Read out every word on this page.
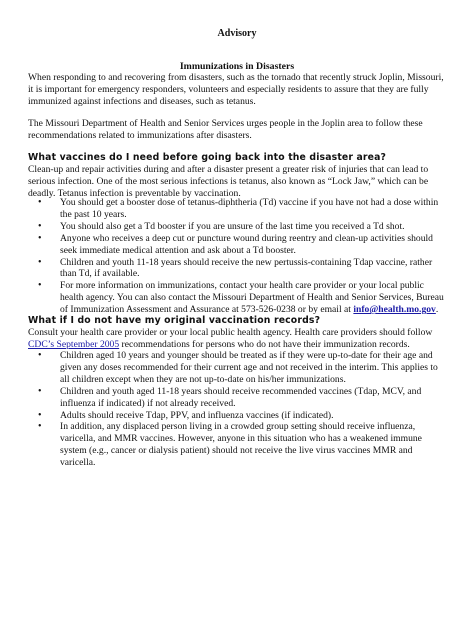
Advisory
Immunizations in Disasters

When responding to and recovering from disasters, such as the tornado that recently struck Joplin, Missouri, it is important for emergency responders, volunteers and especially residents to assure that they are fully immunized against infections and diseases, such as tetanus.

The Missouri Department of Health and Senior Services urges people in the Joplin area to follow these recommendations related to immunizations after disasters.

What vaccines do I need before going back into the disaster area?

Clean-up and repair activities during and after a disaster present a greater risk of injuries that can lead to serious infection. One of the most serious infections is tetanus, also known as “Lock Jaw,” which can be deadly. Tetanus infection is preventable by vaccination.

• You should get a booster dose of tetanus-diphtheria (Td) vaccine if you have not had a dose within the past 10 years.
• You should also get a Td booster if you are unsure of the last time you received a Td shot.
• Anyone who receives a deep cut or puncture wound during reentry and clean-up activities should seek immediate medical attention and ask about a Td booster.
• Children and youth 11-18 years should receive the new pertussis-containing Tdap vaccine, rather than Td, if available.
• For more information on immunizations, contact your health care provider or your local public health agency. You can also contact the Missouri Department of Health and Senior Services, Bureau of Immunization Assessment and Assurance at 573-526-0238 or by email at info@health.mo.gov.
What if I do not have my original vaccination records?

Consult your health care provider or your local public health agency. Health care providers should follow CDC’s September 2005 recommendations for persons who do not have their immunization records.

• Children aged 10 years and younger should be treated as if they were up-to-date for their age and given any doses recommended for their current age and not received in the interim. This applies to all children except when they are not up-to-date on his/her immunizations.
• Children and youth aged 11-18 years should receive recommended vaccines (Tdap, MCV, and influenza if indicated) if not already received.
• Adults should receive Tdap, PPV, and influenza vaccines (if indicated).
• In addition, any displaced person living in a crowded group setting should receive influenza, varicella, and MMR vaccines. However, anyone in this situation who has a weakened immune system (e.g., cancer or dialysis patient) should not receive the live virus vaccines MMR and varicella.
